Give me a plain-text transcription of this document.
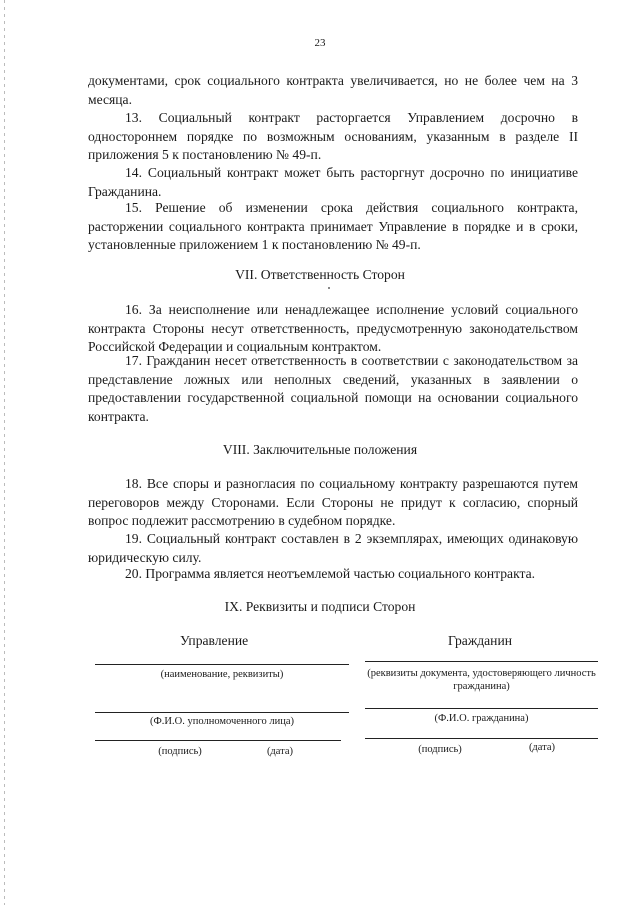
23
документами, срок социального контракта увеличивается, но не более чем на 3 месяца.
13. Социальный контракт расторгается Управлением досрочно в одностороннем порядке по возможным основаниям, указанным в разделе II приложения 5 к постановлению № 49-п.
14. Социальный контракт может быть расторгнут досрочно по инициативе Гражданина.
15. Решение об изменении срока действия социального контракта, расторжении социального контракта принимает Управление в порядке и в сроки, установленные приложением 1 к постановлению № 49-п.
VII. Ответственность Сторон
16. За неисполнение или ненадлежащее исполнение условий социального контракта Стороны несут ответственность, предусмотренную законодательством Российской Федерации и социальным контрактом.
17. Гражданин несет ответственность в соответствии с законодательством за представление ложных или неполных сведений, указанных в заявлении о предоставлении государственной социальной помощи на основании социального контракта.
VIII. Заключительные положения
18. Все споры и разногласия по социальному контракту разрешаются путем переговоров между Сторонами. Если Стороны не придут к согласию, спорный вопрос подлежит рассмотрению в судебном порядке.
19. Социальный контракт составлен в 2 экземплярах, имеющих одинаковую юридическую силу.
20. Программа является неотъемлемой частью социального контракта.
IX. Реквизиты и подписи Сторон
Управление
(наименование, реквизиты)
(Ф.И.О. уполномоченного лица)
(подпись)	(дата)
Гражданин
(реквизиты документа, удостоверяющего личность гражданина)
(Ф.И.О. гражданина)
(подпись)	(дата)
